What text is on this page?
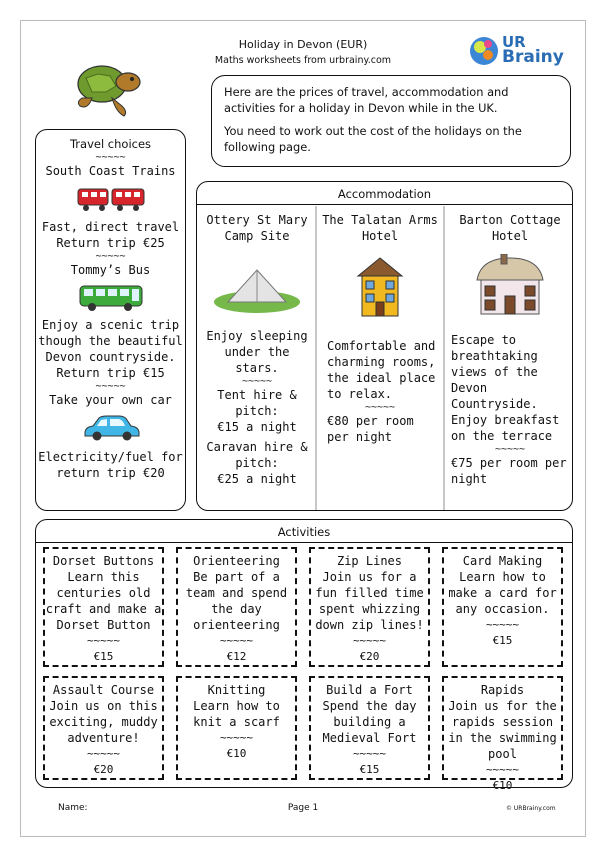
Holiday in Devon (EUR)
Maths worksheets from urbrainy.com
UR
Brainy

Here are the prices of travel, accommodation and activities for a holiday in Devon while in the UK.

You need to work out the cost of the holidays on the following page.

Travel choices
~~~~~
South Coast Trains
Fast, direct travel
Return trip €25
~~~~~
Tommy’s Bus
Enjoy a scenic trip though the beautiful Devon countryside.
Return trip €15
~~~~~
Take your own car
Electricity/fuel for return trip €20
Accommodation
Ottery St Mary Camp Site
Enjoy sleeping under the stars.
~~~~~
Tent hire & pitch:
€15 a night
Caravan hire & pitch:
€25 a night
The Talatan Arms Hotel
Comfortable and charming rooms, the ideal place to relax.
~~~~~
€80 per room per night
Barton Cottage Hotel
Escape to breathtaking views of the Devon Countryside. Enjoy breakfast on the terrace
~~~~~
€75 per room per night
Activities
Dorset Buttons
Learn this centuries old craft and make a Dorset Button
~~~~~
€15
Orienteering
Be part of a team and spend the day orienteering
~~~~~
€12
Zip Lines
Join us for a fun filled time spent whizzing down zip lines!
~~~~~
€20
Card Making
Learn how to make a card for any occasion.
~~~~~
€15
Assault Course
Join us on this exciting, muddy adventure!
~~~~~
€20
Knitting
Learn how to knit a scarf
~~~~~
€10
Build a Fort
Spend the day building a Medieval Fort
~~~~~
€15
Rapids
Join us for the rapids session in the swimming pool
~~~~~
€10
Name:	Page 1	© URBrainy.com
